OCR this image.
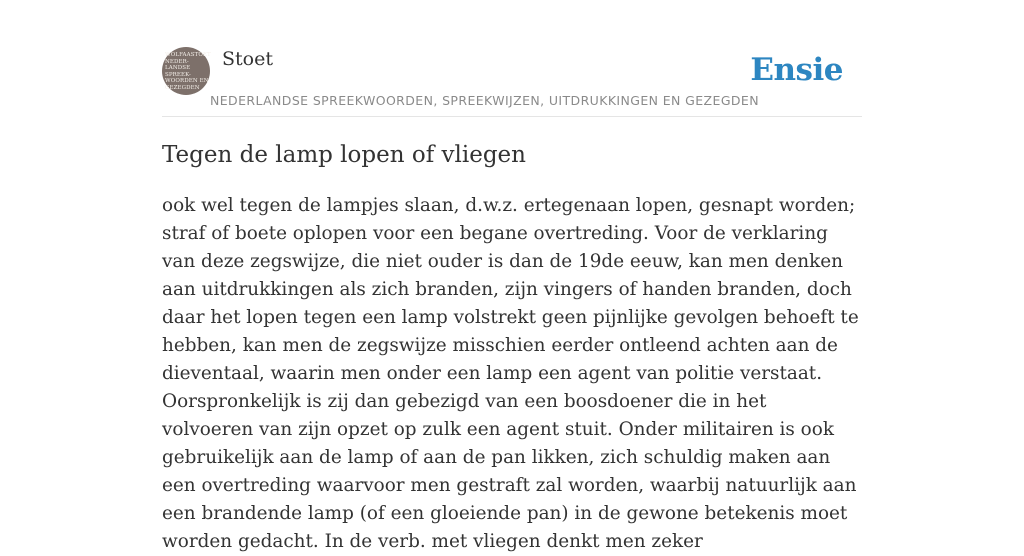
WOLFAASTOET
NEDER-
LANDSE
SPREEK-
WOORDEN EN
GEZEGDEN
Stoet
NEDERLANDSE SPREEKWOORDEN, SPREEKWIJZEN, UITDRUKKINGEN EN GEZEGDEN
Ensie
Tegen de lamp lopen of vliegen

ook wel tegen de lampjes slaan, d.w.z. ertegenaan lopen, gesnapt worden; straf of boete oplopen voor een begane overtreding. Voor de verklaring van deze zegswijze, die niet ouder is dan de 19de eeuw, kan men denken aan uitdrukkingen als zich branden, zijn vingers of handen branden, doch daar het lopen tegen een lamp volstrekt geen pijnlijke gevolgen behoeft te hebben, kan men de zegswijze misschien eerder ontleend achten aan de dieventaal, waarin men onder een lamp een agent van politie verstaat. Oorspronkelijk is zij dan gebezigd van een boosdoener die in het volvoeren van zijn opzet op zulk een agent stuit. Onder militairen is ook gebruikelijk aan de lamp of aan de pan likken, zich schuldig maken aan een overtreding waarvoor men gestraft zal worden, waarbij natuurlijk aan een brandende lamp (of een gloeiende pan) in de gewone betekenis moet worden gedacht. In de verb. met vliegen denkt men zeker
